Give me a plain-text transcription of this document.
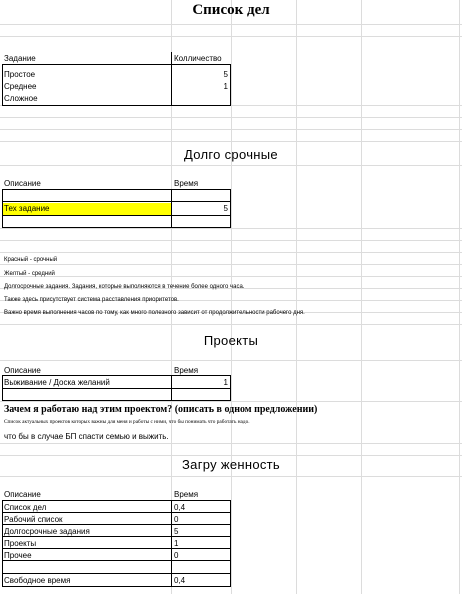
Список дел
Задание	Колличество
Простое	5
Среднее	1
Сложное
Долго срочные
Описание	Время
Тех задание	5
Красный - срочный
Желтый - средний
Долгосрочные задания. Задания, которые выполняются в течение более одного часа.
Также здесь присутствует система расставления приоритетов.
Важно время выполнения часов по тому, как много полезного зависит от продолжительности рабочего дня.
Проекты
Описание	Время
Выживание / Доска желаний	1
Зачем я работаю над этим проектом? (описать в одном предложении)
Список актуальных проектов которых важны для меня и работы с ними, что бы понимать что работать надо.
что бы в случае БП спасти семью и выжить.
Загру женность
Описание	Время
Список дел	0,4
Рабочий список	0
Долгосрочные задания	5
Проекты	1
Прочее	0
Свободное время	0,4
